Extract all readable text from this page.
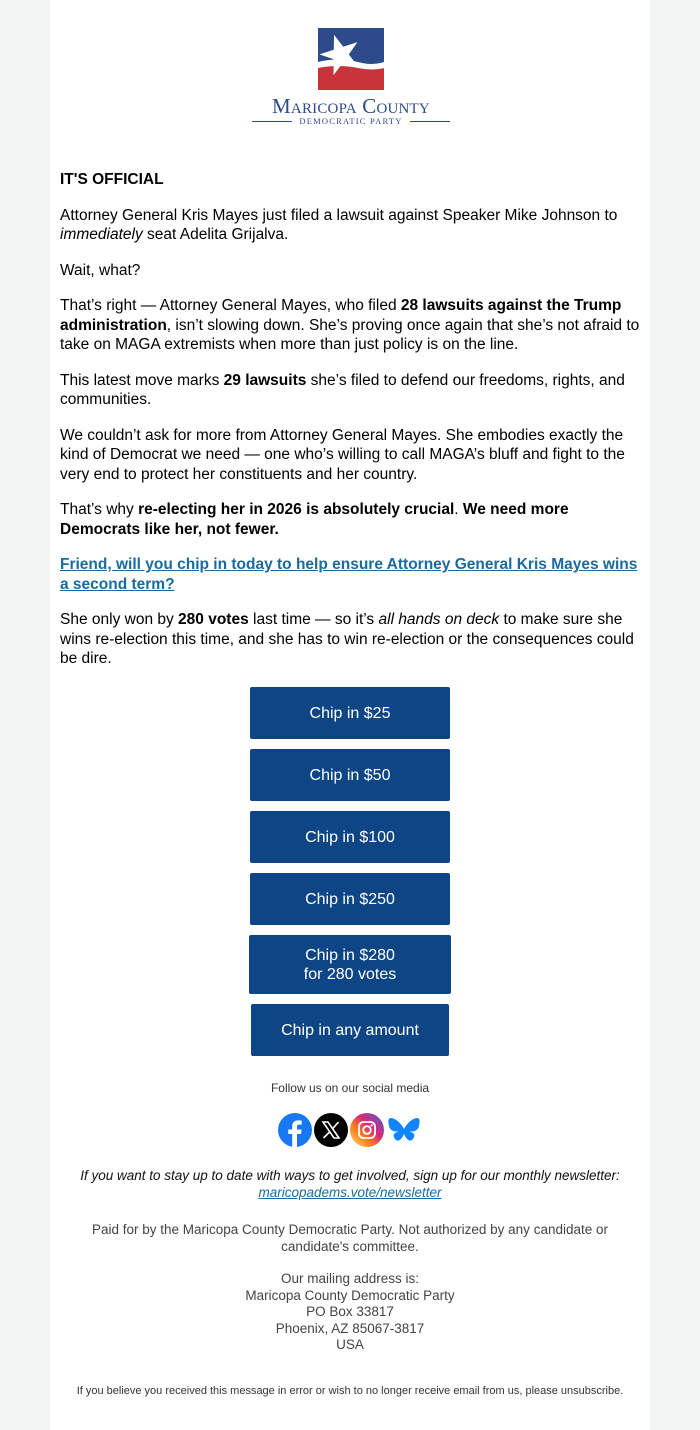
Maricopa County
DEMOCRATIC PARTY

IT'S OFFICIAL

Attorney General Kris Mayes just filed a lawsuit against Speaker Mike Johnson to immediately seat Adelita Grijalva.

Wait, what?

That’s right — Attorney General Mayes, who filed 28 lawsuits against the Trump administration, isn’t slowing down. She’s proving once again that she’s not afraid to take on MAGA extremists when more than just policy is on the line.

This latest move marks 29 lawsuits she’s filed to defend our freedoms, rights, and communities.

We couldn’t ask for more from Attorney General Mayes. She embodies exactly the kind of Democrat we need — one who’s willing to call MAGA’s bluff and fight to the very end to protect her constituents and her country.

That’s why re-electing her in 2026 is absolutely crucial. We need more Democrats like her, not fewer.

Friend, will you chip in today to help ensure Attorney General Kris Mayes wins a second term?

She only won by 280 votes last time — so it’s all hands on deck to make sure she wins re-election this time, and she has to win re-election or the consequences could be dire.

Chip in $25
Chip in $50
Chip in $100
Chip in $250
Chip in $280
for 280 votes
Chip in any amount
Follow us on our social media
If you want to stay up to date with ways to get involved, sign up for our monthly newsletter: maricopadems.vote/newsletter
Paid for by the Maricopa County Democratic Party. Not authorized by any candidate or candidate's committee.
Our mailing address is:
Maricopa County Democratic Party
PO Box 33817
Phoenix, AZ 85067-3817
USA
If you believe you received this message in error or wish to no longer receive email from us, please unsubscribe.
